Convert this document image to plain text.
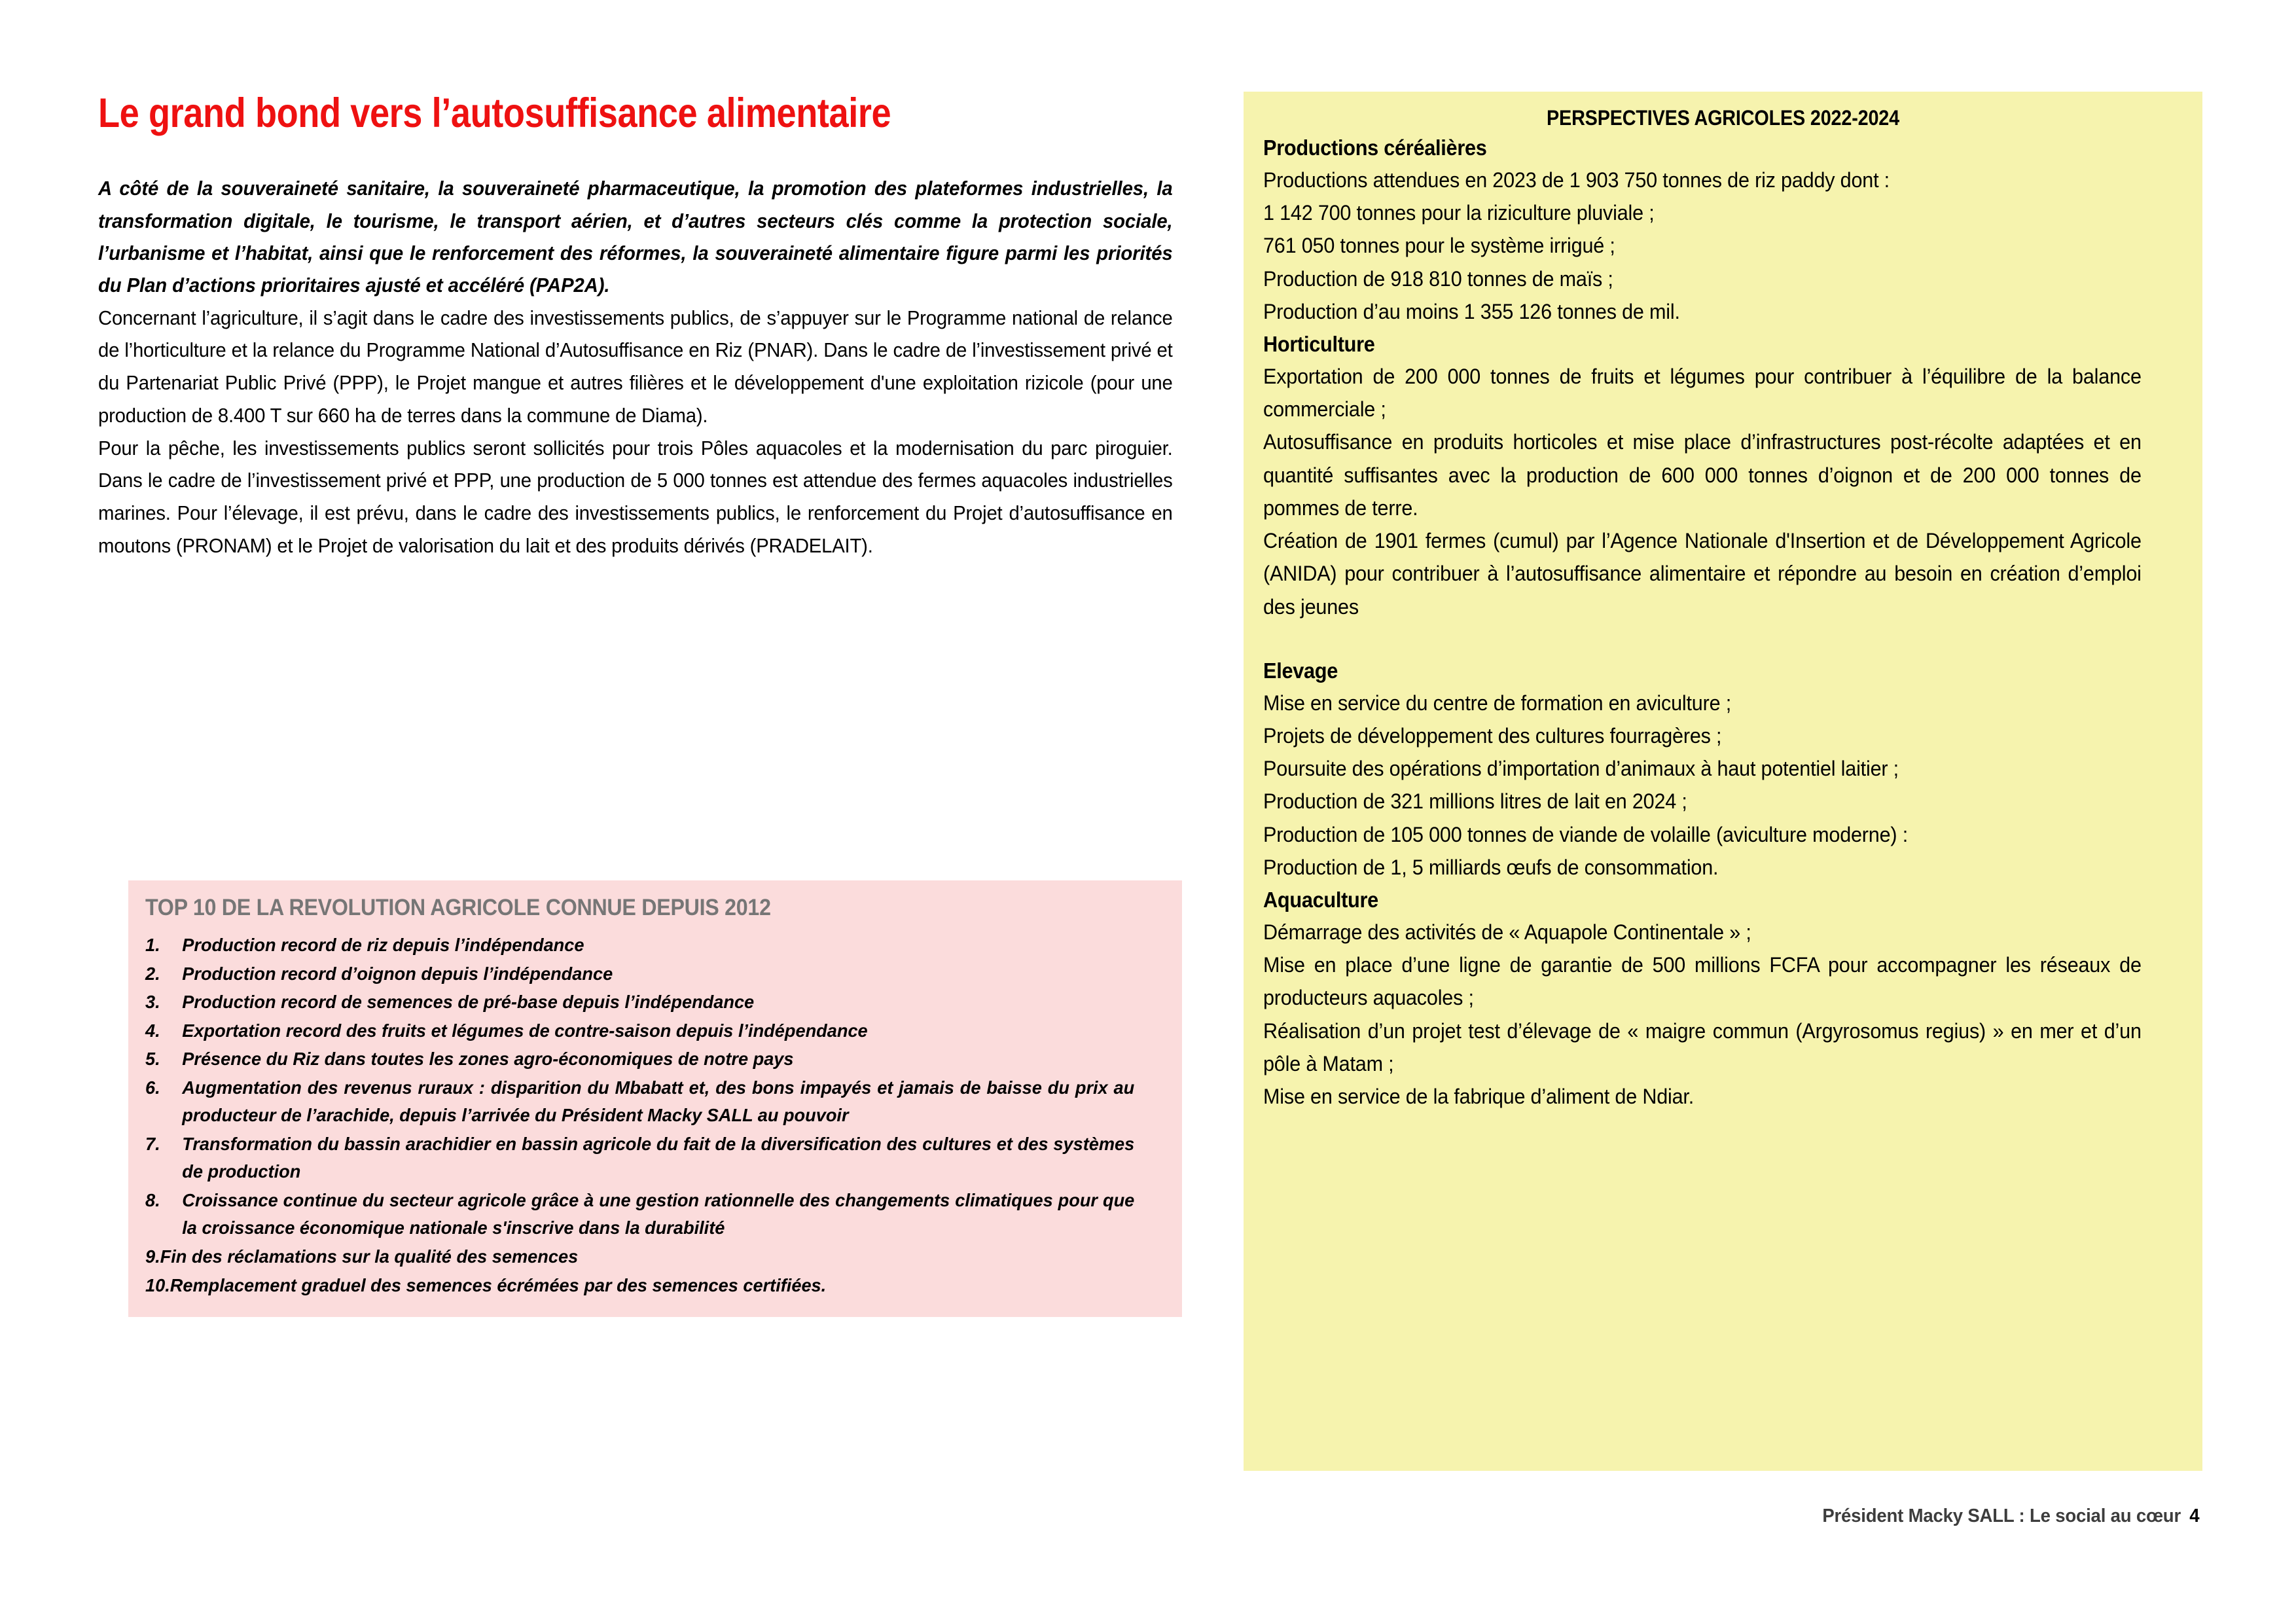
Le grand bond vers l’autosuffisance alimentaire

A côté de la souveraineté sanitaire, la souveraineté pharmaceutique, la promotion des plateformes industrielles, la transformation digitale, le tourisme, le transport aérien, et d’autres secteurs clés comme la protection sociale, l’urbanisme et l’habitat, ainsi que le renforcement des réformes, la souveraineté alimentaire figure parmi les priorités du Plan d’actions prioritaires ajusté et accéléré (PAP2A).

Concernant l’agriculture, il s’agit dans le cadre des investissements publics, de s’appuyer sur le Programme national de relance de l’horticulture et la relance du Programme National d’Autosuffisance en Riz (PNAR). Dans le cadre de l’investissement privé et du Partenariat Public Privé (PPP), le Projet mangue et autres filières et le développement d'une exploitation rizicole (pour une production de 8.400 T sur 660 ha de terres dans la commune de Diama).

Pour la pêche, les investissements publics seront sollicités pour trois Pôles aquacoles et la modernisation du parc piroguier. Dans le cadre de l’investissement privé et PPP, une production de 5 000 tonnes est attendue des fermes aquacoles industrielles marines. Pour l’élevage, il est prévu, dans le cadre des investissements publics, le renforcement du Projet d’autosuffisance en moutons (PRONAM) et le Projet de valorisation du lait et des produits dérivés (PRADELAIT).

TOP 10 DE LA REVOLUTION AGRICOLE CONNUE DEPUIS 2012
1.	Production record de riz depuis l’indépendance
2.	Production record d’oignon depuis l’indépendance
3.	Production record de semences de pré-base depuis l’indépendance
4.	Exportation record des fruits et légumes de contre-saison depuis l’indépendance
5.	Présence du Riz dans toutes les zones agro-économiques de notre pays
6.	Augmentation des revenus ruraux : disparition du Mbabatt et, des bons impayés et jamais de baisse du prix au producteur de l’arachide, depuis l’arrivée du Président Macky SALL au pouvoir
7.	Transformation du bassin arachidier en bassin agricole du fait de la diversification des cultures et des systèmes de production
8.	Croissance continue du secteur agricole grâce à une gestion rationnelle des changements climatiques pour que la croissance économique nationale s'inscrive dans la durabilité
9.Fin des réclamations sur la qualité des semences
10.Remplacement graduel des semences écrémées par des semences certifiées.
PERSPECTIVES AGRICOLES 2022-2024
Productions céréalières

Productions attendues en 2023 de 1 903 750 tonnes de riz paddy dont :

1 142 700 tonnes pour la riziculture pluviale ;

761 050 tonnes pour le système irrigué ;

Production de 918 810 tonnes de maïs ;

Production d’au moins 1 355 126 tonnes de mil.

Horticulture

Exportation de 200 000 tonnes de fruits et légumes pour contribuer à l’équilibre de la balance commerciale ;

Autosuffisance en produits horticoles et mise place d’infrastructures post-récolte adaptées et en quantité suffisantes avec la production de 600 000 tonnes d’oignon et de 200 000 tonnes de pommes de terre.

Création de 1901 fermes (cumul) par l’Agence Nationale d'Insertion et de Développement Agricole (ANIDA) pour contribuer à l’autosuffisance alimentaire et répondre au besoin en création d’emploi des jeunes

Elevage

Mise en service du centre de formation en aviculture ;

Projets de développement des cultures fourragères ;

Poursuite des opérations d’importation d’animaux à haut potentiel laitier ;

Production de 321 millions litres de lait en 2024 ;

Production de 105 000 tonnes de viande de volaille (aviculture moderne) :

Production de 1, 5 milliards œufs de consommation.

Aquaculture

Démarrage des activités de « Aquapole Continentale » ;

Mise en place d’une ligne de garantie de 500 millions FCFA pour accompagner les réseaux de producteurs aquacoles ;

Réalisation d’un projet test d’élevage de « maigre commun (Argyrosomus regius) » en mer et d’un pôle à Matam ;

Mise en service de la fabrique d’aliment de Ndiar.

Président Macky SALL : Le social au cœur 4
